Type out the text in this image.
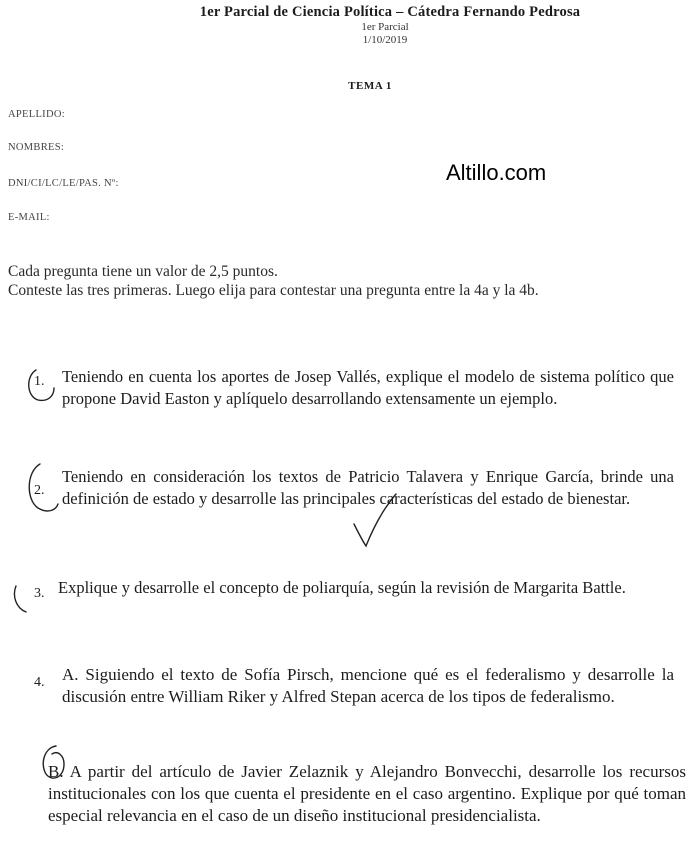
1er Parcial de Ciencia Política – Cátedra Fernando Pedrosa
1er Parcial
1/10/2019
TEMA 1
APELLIDO:
NOMBRES:
DNI/CI/LC/LE/PAS. Nº:
E-MAIL:
Altillo.com
Cada pregunta tiene un valor de 2,5 puntos.
Conteste las tres primeras. Luego elija para contestar una pregunta entre la 4a y la 4b.
1. Teniendo en cuenta los aportes de Josep Vallés, explique el modelo de sistema político que propone David Easton y aplíquelo desarrollando extensamente un ejemplo.
2.
Teniendo en consideración los textos de Patricio Talavera y Enrique García, brinde una definición de estado y desarrolle las principales características del estado de bienestar.
3. Explique y desarrolle el concepto de poliarquía, según la revisión de Margarita Battle.
4. A. Siguiendo el texto de Sofía Pirsch, mencione qué es el federalismo y desarrolle la discusión entre William Riker y Alfred Stepan acerca de los tipos de federalismo.
B. A partir del artículo de Javier Zelaznik y Alejandro Bonvecchi, desarrolle los recursos institucionales con los que cuenta el presidente en el caso argentino. Explique por qué toman especial relevancia en el caso de un diseño institucional presidencialista.
